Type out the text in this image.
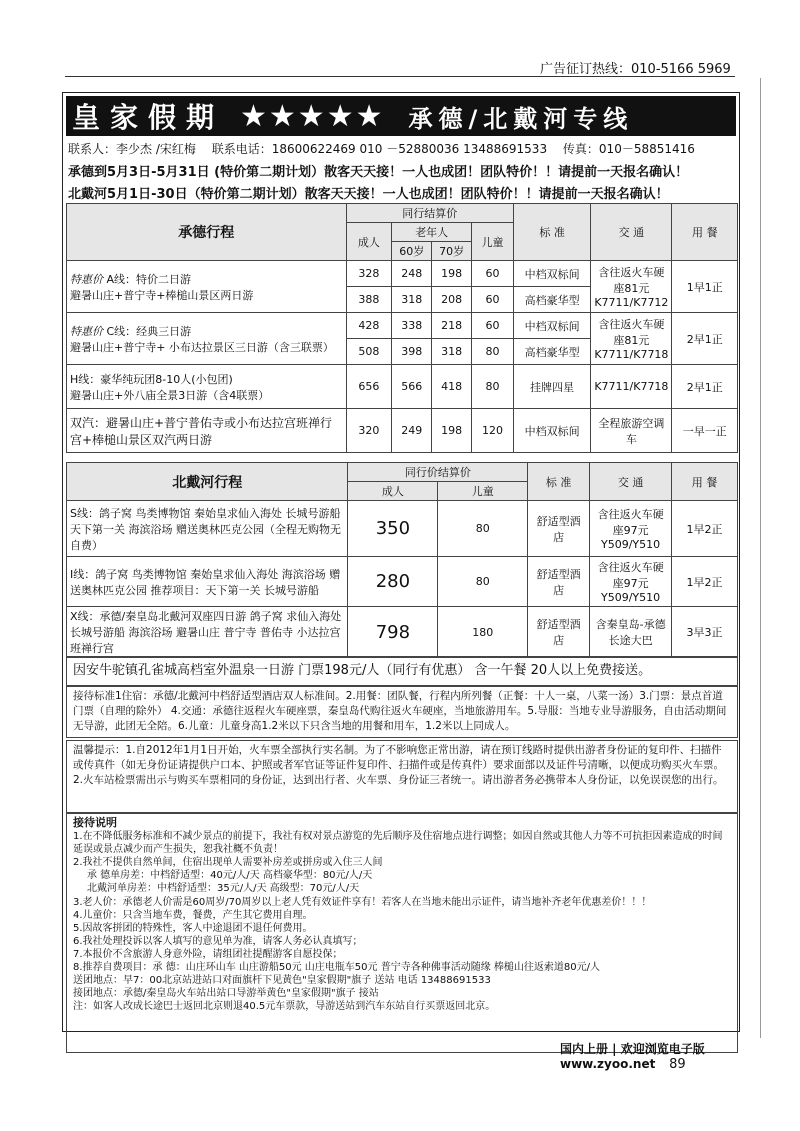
广告征订热线：010-5166 5969
皇家假期 ★★★★★ 承德/北戴河专线
联系人：李少杰 /宋红梅 联系电话：18600622469 010 －52880036 13488691533 传真：010－58851416
承德到5月3日-5月31日 (特价第二期计划）散客天天接！一人也成团！团队特价！！请提前一天报名确认！
北戴河5月1日-30日（特价第二期计划）散客天天接！一人也成团！团队特价！！请提前一天报名确认！
承德行程	同行结算价				标 准	交 通	用 餐
	成人	老年人		儿童			
		60岁	70岁				

特惠价 A线：特价二日游
避暑山庄+普宁寺+棒槌山景区两日游	328	248	198	60	中档双标间	含往返火车硬座81元 K7711/K7712	1早1正
	388	318	208	60	高档豪华型		

特惠价 C线：经典三日游
避暑山庄+普宁寺+ 小布达拉景区三日游（含三联票）	428	338	218	60	中档双标间	含往返火车硬座81元 K7711/K7718	2早1正
	508	398	318	80	高档豪华型		

H线：豪华纯玩团8-10人(小包团)
避暑山庄+外八庙全景3日游（含4联票）	656	566	418	80	挂牌四星	K7711/K7718	2早1正
双汽：避暑山庄+普宁普佑寺或小布达拉宫班禅行宫+棒槌山景区双汽两日游	320	249	198	120	中档双标间	全程旅游空调车	一早一正
北戴河行程	同行价结算价		标 准	交 通	用 餐
	成人	儿童			
S线：鸽子窝 鸟类博物馆 秦始皇求仙入海处 长城号游船 天下第一关 海滨浴场 赠送奥林匹克公园（全程无购物无自费）	350	80	舒适型酒店	含往返火车硬座97元 Y509/Y510	1早2正
I线：鸽子窝 鸟类博物馆 秦始皇求仙入海处 海滨浴场 赠送奥林匹克公园 推荐项目：天下第一关 长城号游船	280	80	舒适型酒店	含往返火车硬座97元 Y509/Y510	1早2正
X线：承德/秦皇岛北戴河双座四日游 鸽子窝 求仙入海处 长城号游船 海滨浴场 避暑山庄 普宁寺 普佑寺 小达拉宫 班禅行宫	798	180	舒适型酒店	含秦皇岛-承德长途大巴	3早3正
因安牛驼镇孔雀城高档室外温泉一日游 门票198元/人（同行有优惠） 含一午餐 20人以上免费接送。
接待标准1住宿：承德/北戴河中档舒适型酒店双人标准间。2.用餐：团队餐，行程内所列餐（正餐：十人一桌，八菜一汤）3.门票：景点首道门票（自理的除外） 4.交通：承德往返程火车硬座票，秦皇岛代购往返火车硬座，当地旅游用车。5.导服：当地专业导游服务，自由活动期间无导游，此团无全陪。6.儿童：儿童身高1.2米以下只含当地的用餐和用车，1.2米以上同成人。
温馨提示：1.自2012年1月1日开始，火车票全部执行实名制。为了不影响您正常出游，请在预订线路时提供出游者身份证的复印件、扫描件或传真件（如无身份证请提供户口本、护照或者军官证等证件复印件、扫描件或是传真件）要求面部以及证件号清晰，以便成功购买火车票。2.火车站检票需出示与购买车票相同的身份证，达到出行者、火车票、身份证三者统一。请出游者务必携带本人身份证，以免误误您的出行。
接待说明
1.在不降低服务标准和不减少景点的前提下，我社有权对景点游览的先后顺序及住宿地点进行调整；如因自然或其他人力等不可抗拒因素造成的时间延误或景点减少而产生损失，恕我社概不负责！
2.我社不提供自然单间，住宿出现单人需要补房差或拼房或入住三人间
承 德单房差：中档舒适型：40元/人/天 高档豪华型：80元/人/天
北戴河单房差：中档舒适型：35元/人/天 高级型：70元/人/天
3.老人价：承德老人价需是60周岁/70周岁以上老人凭有效证件享有！若客人在当地未能出示证件，请当地补齐老年优惠差价！！！
4.儿童价：只含当地车费，餐费，产生其它费用自理。
5.因故客拼团的特殊性，客人中途退团不退任何费用。
6.我社处理投诉以客人填写的意见单为准，请客人务必认真填写；
7.本报价不含旅游人身意外险，请组团社提醒游客自愿投保；
8.推荐自费项目：承 德：山庄环山车 山庄游船50元 山庄电瓶车50元 普宁寺各种佛事活动随缘 棒槌山往返索道80元/人
送团地点：早7：00北京站进站口对面旗杆下见黄色"皇家假期"旗子 送站 电话 13488691533
接团地点：承德/秦皇岛火车站出站口导游举黄色"皇家假期"旗子 接站
注：如客人改成长途巴士返回北京则退40.5元车票款，导游送站到汽车东站自行买票返回北京。
国内上册 | 欢迎浏览电子版 www.zyoo.net 89
